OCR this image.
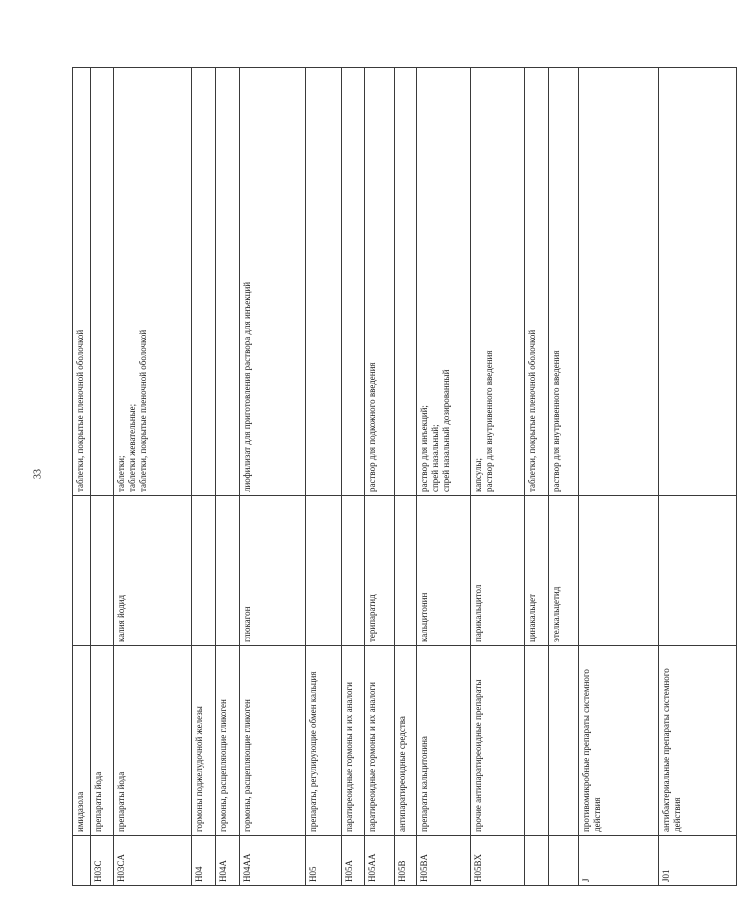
33
	имидазола		таблетки, покрытые пленочной оболочкой

H03C	препараты йода		
H03CA	препараты йода	калия йодид	таблетки; таблетки жевательные; таблетки, покрытые пленочной оболочкой

H04	гормоны поджелудочной железы		
H04A	гормоны, расщепляющие гликоген		
H04AA	гормоны, расщепляющие гликоген	глюкагон	лиофилизат для приготовления раствора для инъекций

H05	препараты, регулирующие обмен кальция		
H05A	паратиреоидные гормоны и их аналоги		
H05AA	паратиреоидные гормоны и их аналоги	терипаратид	раствор для подкожного введения

H05B	антипаратиреоидные средства		
H05BA	препараты кальцитонина	кальцитонин	раствор для инъекций; спрей назальный; спрей назальный дозированный

H05BX	прочие антипаратиреоидные препараты	парикальцитол	капсулы; раствор для внутривенного введения

		цинакальцет	таблетки, покрытые пленочной оболочкой

		этелкальцетид	раствор для внутривенного введения

J	противомикробные препараты системного действия		
J01	антибактериальные препараты системного действия		
